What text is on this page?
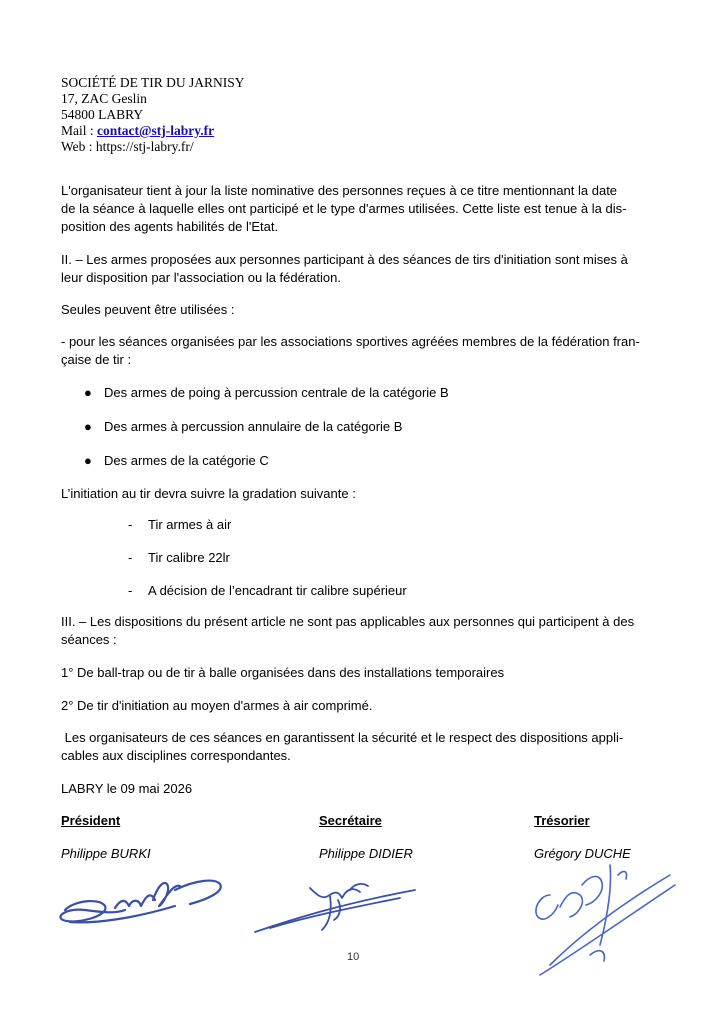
SOCIÉTÉ DE TIR DU JARNISY
17, ZAC Geslin
54800 LABRY
Mail : contact@stj-labry.fr
Web : https://stj-labry.fr/
L'organisateur tient à jour la liste nominative des personnes reçues à ce titre mentionnant la date
de la séance à laquelle elles ont participé et le type d'armes utilisées. Cette liste est tenue à la dis-
position des agents habilités de l'Etat.
II. – Les armes proposées aux personnes participant à des séances de tirs d'initiation sont mises à
leur disposition par l'association ou la fédération.
Seules peuvent être utilisées :
- pour les séances organisées par les associations sportives agréées membres de la fédération fran-
çaise de tir :
● Des armes de poing à percussion centrale de la catégorie B
● Des armes à percussion annulaire de la catégorie B
● Des armes de la catégorie C
L’initiation au tir devra suivre la gradation suivante :
- Tir armes à air
- Tir calibre 22lr
- A décision de l’encadrant tir calibre supérieur
III. – Les dispositions du présent article ne sont pas applicables aux personnes qui participent à des
séances :
1° De ball-trap ou de tir à balle organisées dans des installations temporaires
2° De tir d'initiation au moyen d'armes à air comprimé.
Les organisateurs de ces séances en garantissent la sécurité et le respect des dispositions appli-
cables aux disciplines correspondantes.
LABRY le 09 mai 2026
Président	Secrétaire	Trésorier
Philippe BURKI	Philippe DIDIER	Grégory DUCHE
10
